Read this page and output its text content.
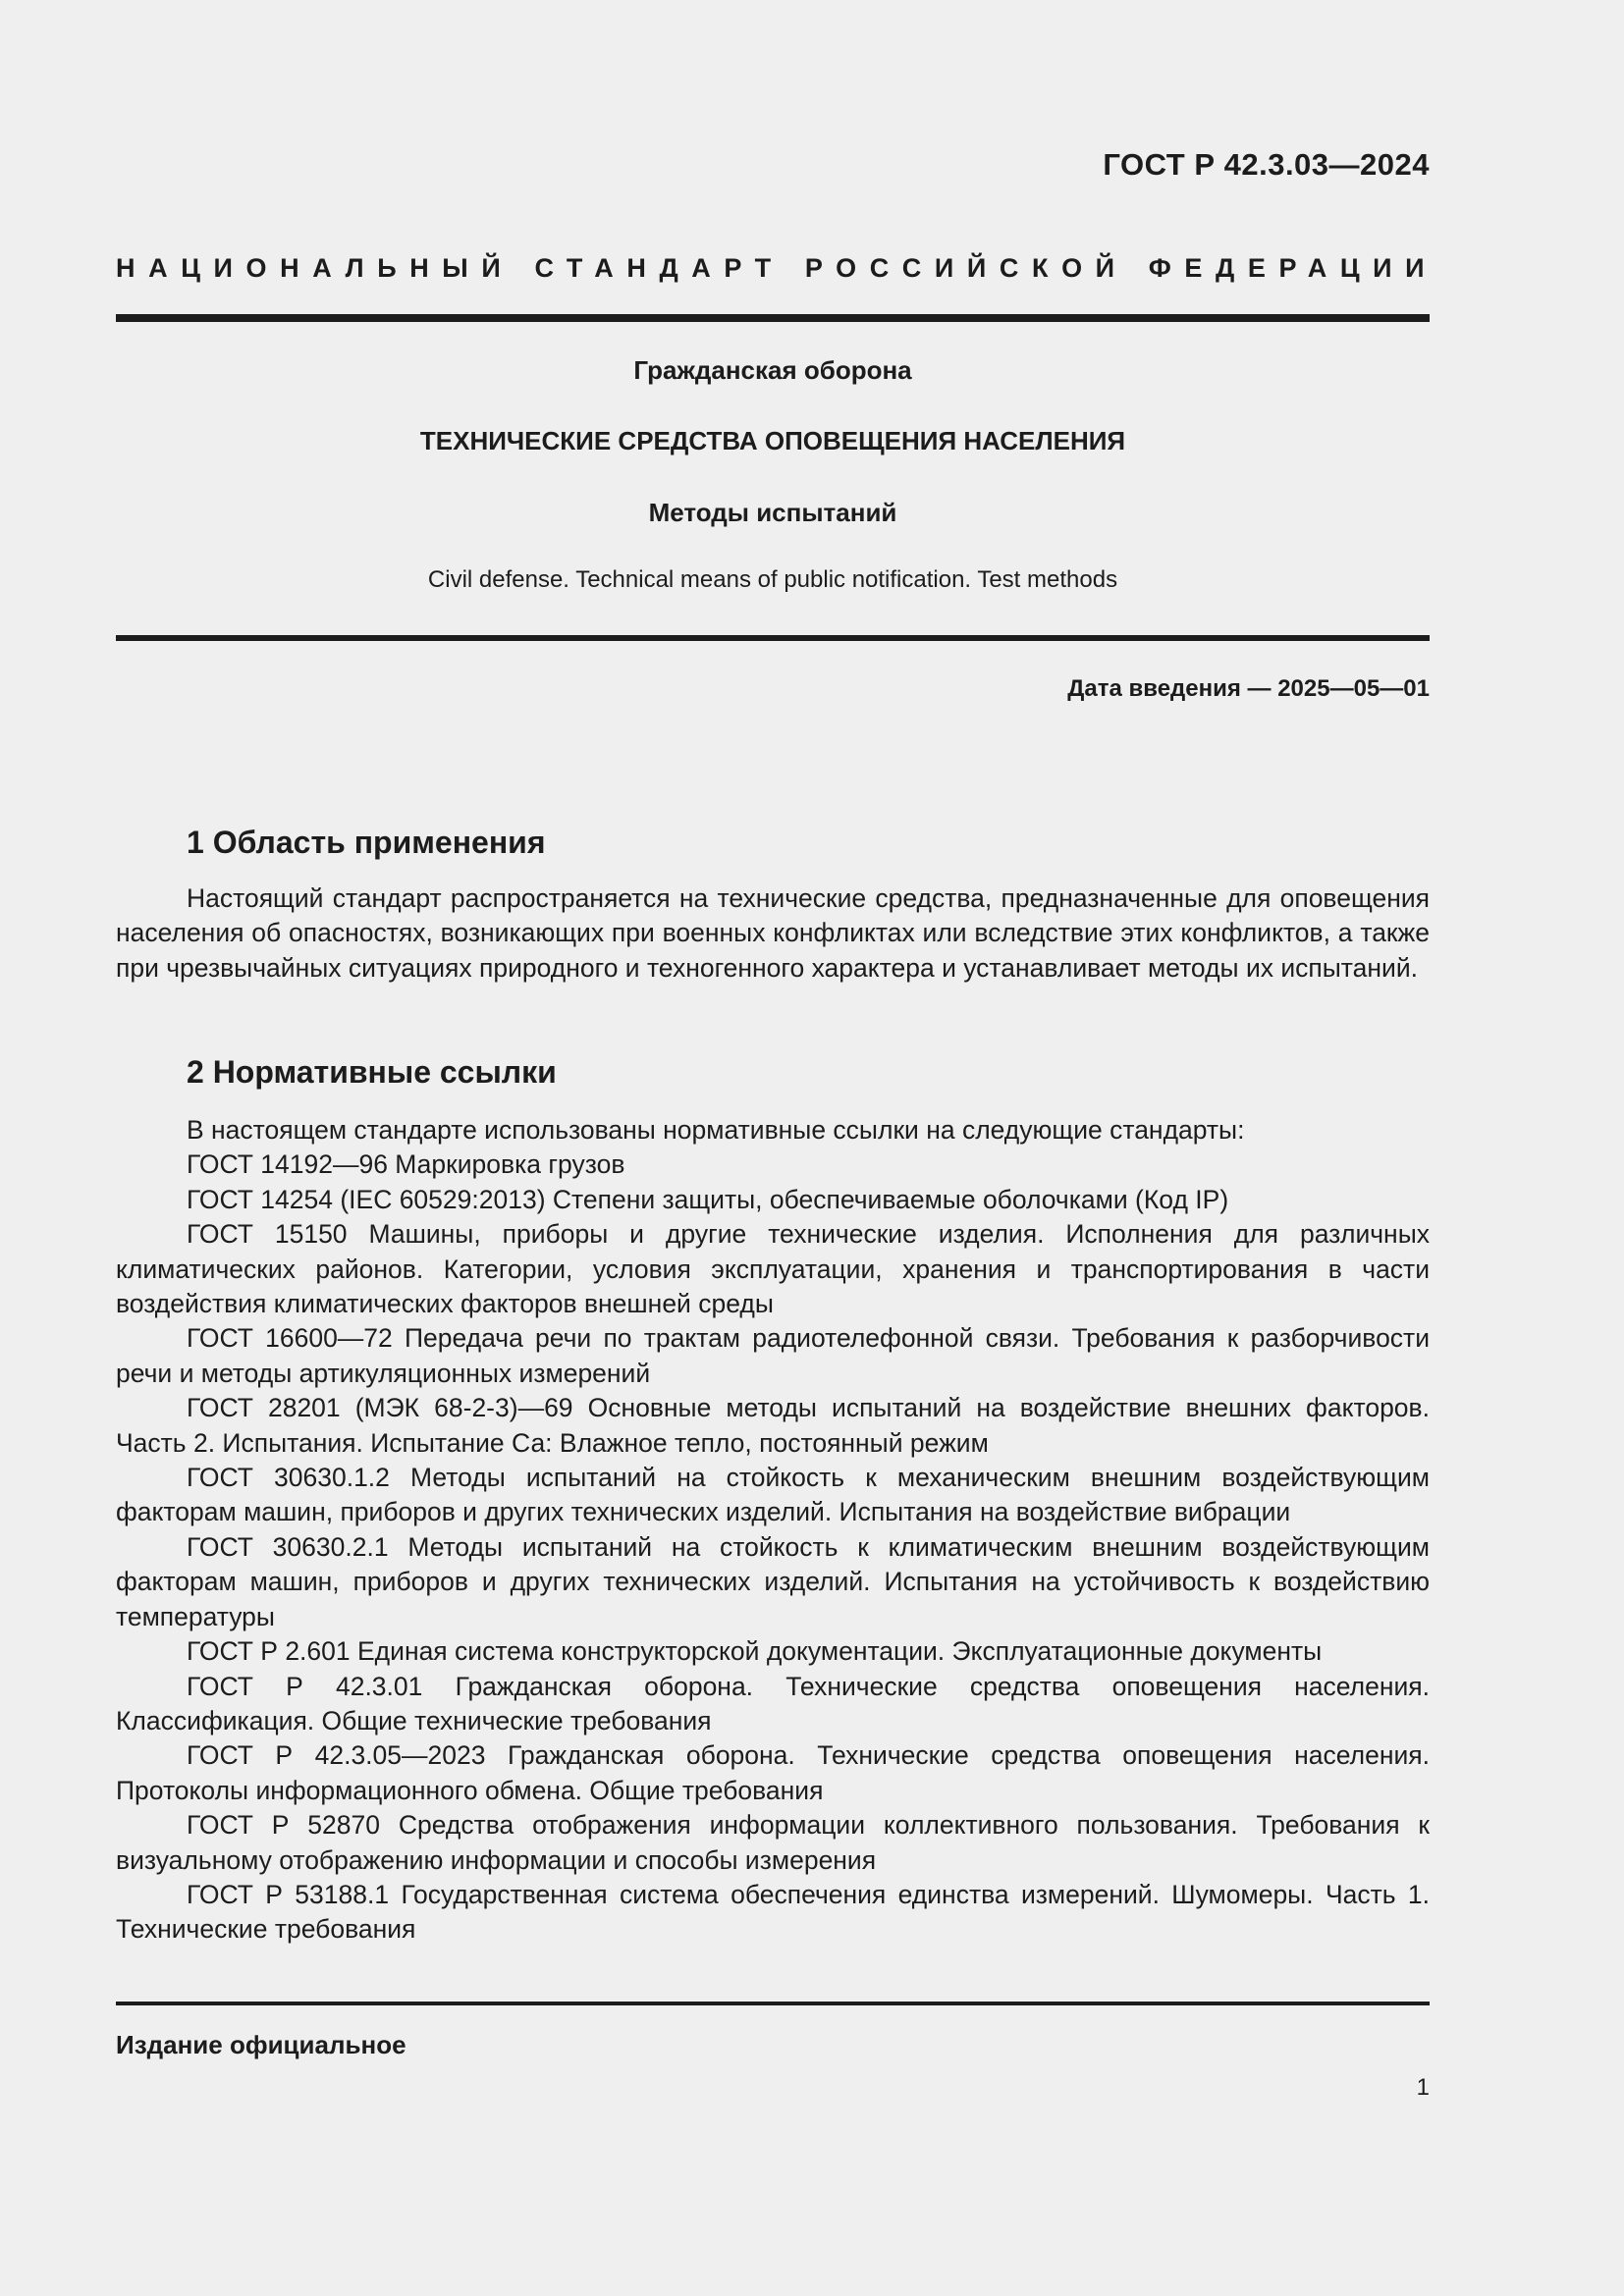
ГОСТ Р 42.3.03—2024
НАЦИОНАЛЬНЫЙ СТАНДАРТ РОССИЙСКОЙ ФЕДЕРАЦИИ
Гражданская оборона
ТЕХНИЧЕСКИЕ СРЕДСТВА ОПОВЕЩЕНИЯ НАСЕЛЕНИЯ
Методы испытаний
Civil defense. Technical means of public notification. Test methods
Дата введения — 2025—05—01
1 Область применения

Настоящий стандарт распространяется на технические средства, предназначенные для оповещения населения об опасностях, возникающих при военных конфликтах или вследствие этих конфликтов, а также при чрезвычайных ситуациях природного и техногенного характера и устанавливает методы их испытаний.

2 Нормативные ссылки

В настоящем стандарте использованы нормативные ссылки на следующие стандарты:

ГОСТ 14192—96 Маркировка грузов

ГОСТ 14254 (IEC 60529:2013) Степени защиты, обеспечиваемые оболочками (Код IP)

ГОСТ 15150 Машины, приборы и другие технические изделия. Исполнения для различных климатических районов. Категории, условия эксплуатации, хранения и транспортирования в части воздействия климатических факторов внешней среды

ГОСТ 16600—72 Передача речи по трактам радиотелефонной связи. Требования к разборчивости речи и методы артикуляционных измерений

ГОСТ 28201 (МЭК 68-2-3)—69 Основные методы испытаний на воздействие внешних факторов. Часть 2. Испытания. Испытание Са: Влажное тепло, постоянный режим

ГОСТ 30630.1.2 Методы испытаний на стойкость к механическим внешним воздействующим факторам машин, приборов и других технических изделий. Испытания на воздействие вибрации

ГОСТ 30630.2.1 Методы испытаний на стойкость к климатическим внешним воздействующим факторам машин, приборов и других технических изделий. Испытания на устойчивость к воздействию температуры

ГОСТ Р 2.601 Единая система конструкторской документации. Эксплуатационные документы

ГОСТ Р 42.3.01 Гражданская оборона. Технические средства оповещения населения. Классификация. Общие технические требования

ГОСТ Р 42.3.05—2023 Гражданская оборона. Технические средства оповещения населения. Протоколы информационного обмена. Общие требования

ГОСТ Р 52870 Средства отображения информации коллективного пользования. Требования к визуальному отображению информации и способы измерения

ГОСТ Р 53188.1 Государственная система обеспечения единства измерений. Шумомеры. Часть 1. Технические требования

Издание официальное
1
